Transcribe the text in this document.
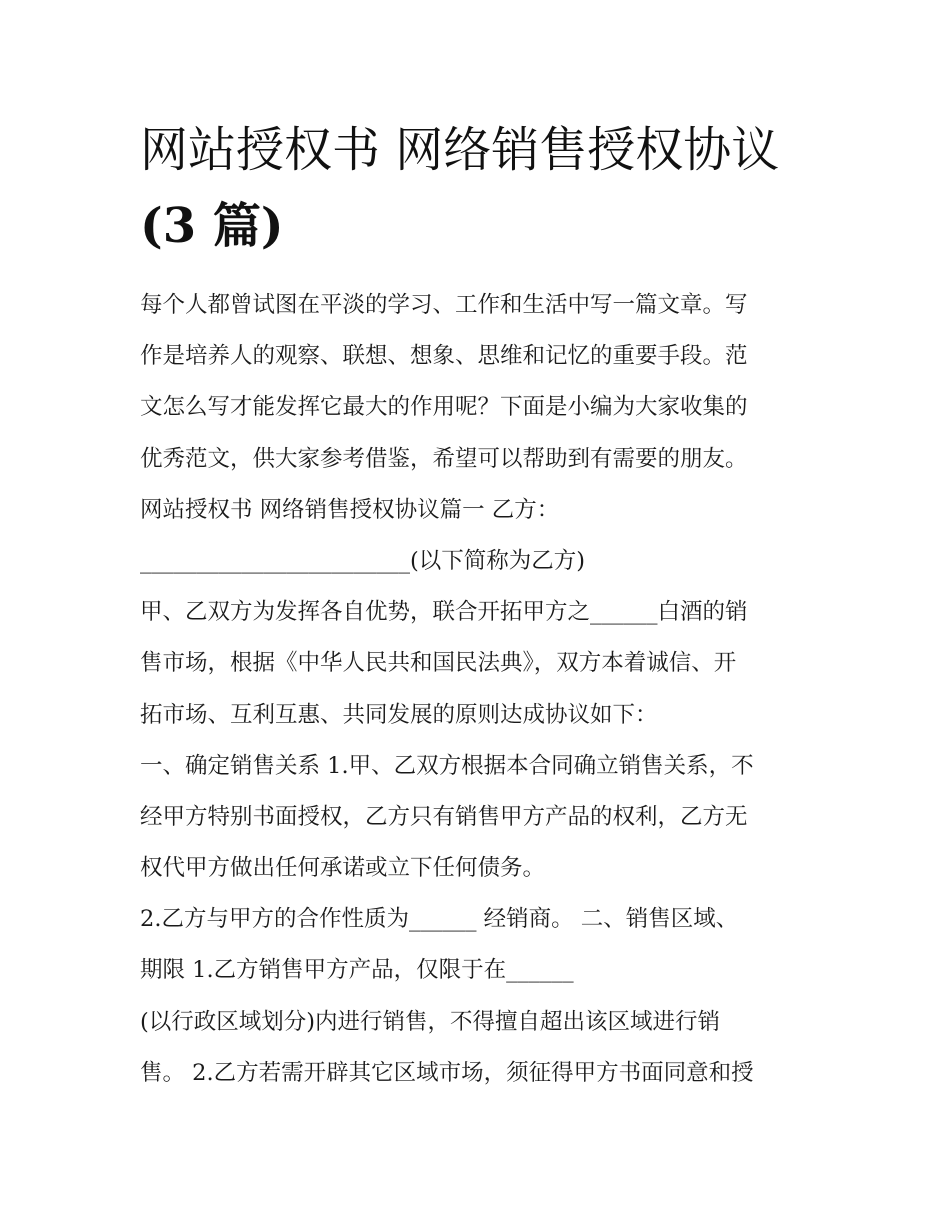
网站授权书 网络销售授权协议
(3 篇)
每个人都曾试图在平淡的学习、工作和生活中写一篇文章。写
作是培养人的观察、联想、想象、思维和记忆的重要手段。范
文怎么写才能发挥它最大的作用呢？下面是小编为大家收集的
优秀范文，供大家参考借鉴，希望可以帮助到有需要的朋友。
网站授权书 网络销售授权协议篇一 乙方：
________________________(以下简称为乙方)
甲、乙双方为发挥各自优势，联合开拓甲方之______白酒的销
售市场，根据《中华人民共和国民法典》，双方本着诚信、开
拓市场、互利互惠、共同发展的原则达成协议如下：
一、确定销售关系 1.甲、乙双方根据本合同确立销售关系，不
经甲方特别书面授权，乙方只有销售甲方产品的权利，乙方无
权代甲方做出任何承诺或立下任何债务。
2.乙方与甲方的合作性质为______ 经销商。 二、销售区域、
期限 1.乙方销售甲方产品，仅限于在______
(以行政区域划分)内进行销售，不得擅自超出该区域进行销
售。 2.乙方若需开辟其它区域市场，须征得甲方书面同意和授
